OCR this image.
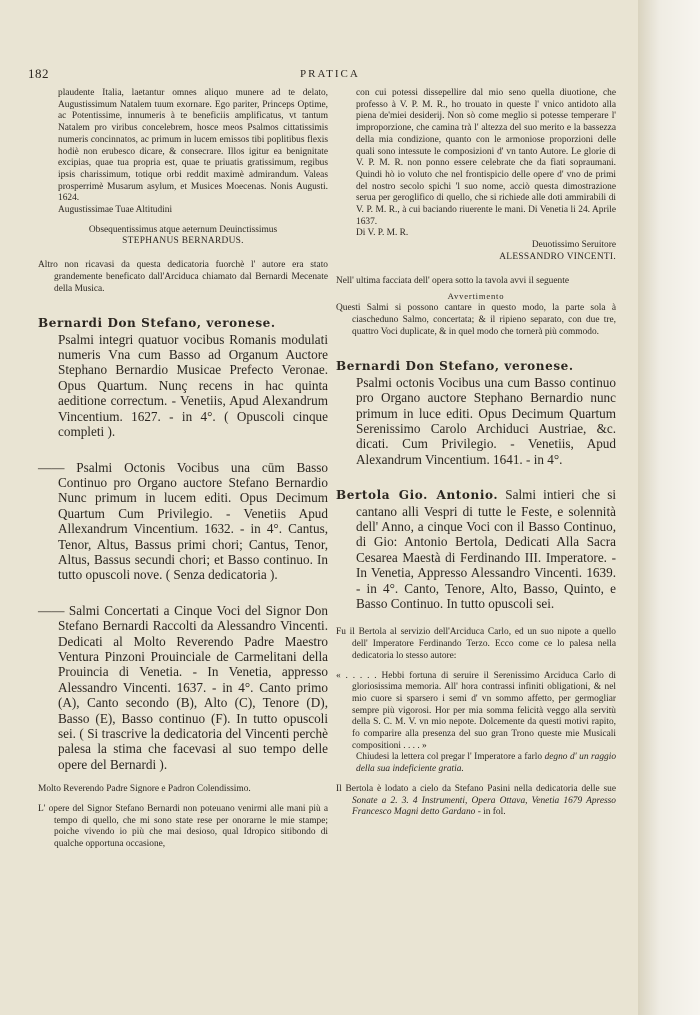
182	PRATICA

plaudente Italia, laetantur omnes aliquo munere ad te delato, Augustissimum Natalem tuum exornare. Ego pariter, Princeps Optime, ac Potentissime, innumeris à te beneficiis amplificatus, vt tantum Natalem pro viribus concelebrem, hosce meos Psalmos cittatissimis numeris concinnatos, ac primum in lucem emissos tibi poplitibus flexis hodiè non erubesco dicare, & consecrare. Illos igitur ea benignitate excipias, quae tua propria est, quae te priuatis gratissimum, regibus ipsis charissimum, totique orbi reddit maximè admirandum. Valeas prosperrimè Musarum asylum, et Musices Moecenas. Nonis Augusti. 1624.

Augustissimae Tuae Altitudini

Obsequentissimus atque aeternum Deuinctissimus

STEPHANUS BERNARDUS.

Altro non ricavasi da questa dedicatoria fuorchè l' autore era stato grandemente beneficato dall'Arciduca chiamato dal Bernardi Mecenate della Musica.

Bernardi Don Stefano, veronese.
Psalmi integri quatuor vocibus Romanis modulati numeris Vna cum Basso ad Organum Auctore Stephano Bernardio Musicae Prefecto Veronae. Opus Quartum. Nunç recens in hac quinta aeditione correctum. - Venetiis, Apud Alexandrum Vincentium. 1627. - in 4°. ( Opuscoli cinque completi ).

—— Psalmi Octonis Vocibus una cūm Basso Continuo pro Organo auctore Stefano Bernardio Nunc primum in lucem editi. Opus Decimum Quartum Cum Privilegio. - Venetiis Apud Allexandrum Vincentium. 1632. - in 4°. Cantus, Tenor, Altus, Bassus primi chori; Cantus, Tenor, Altus, Bassus secundi chori; et Basso continuo. In tutto opuscoli nove. ( Senza dedicatoria ).

—— Salmi Concertati a Cinque Voci del Signor Don Stefano Bernardi Raccolti da Alessandro Vincenti. Dedicati al Molto Reverendo Padre Maestro Ventura Pinzoni Prouinciale de Carmelitani della Prouincia di Venetia. - In Venetia, appresso Alessandro Vincenti. 1637. - in 4°. Canto primo (A), Canto secondo (B), Alto (C), Tenore (D), Basso (E), Basso continuo (F). In tutto opuscoli sei. ( Si trascrive la dedicatoria del Vincenti perchè palesa la stima che facevasi al suo tempo delle opere del Bernardi ).

Molto Reverendo Padre Signore e Padron Colendissimo.

L' opere del Signor Stefano Bernardi non poteuano venirmi alle mani più a tempo di quello, che mi sono state rese per onorarne le mie stampe; poiche vivendo io più che mai desioso, qual Idropico sitibondo di qualche opportuna occasione,

con cui potessi dissepellire dal mio seno quella diuotione, che professo à V. P. M. R., ho trouato in queste l' vnico antidoto alla piena de'miei desiderij. Non sò come meglio si potesse temperare l' improporzione, che camina trà l' altezza del suo merito e la bassezza della mia condizione, quanto con le armoniose proporzioni delle quali sono intessute le composizioni d' vn tanto Autore. Le glorie di V. P. M. R. non ponno essere celebrate che da fiati sopraumani. Quindi hò io voluto che nel frontispicio delle opere d' vno de primi del nostro secolo spichi 'l suo nome, acciò questa dimostrazione serua per geroglifico di quello, che si richiede alle doti ammirabili di V. P. M. R., à cui baciando riuerente le mani. Di Venetia li 24. Aprile 1637.

Di V. P. M. R.

Deuotissimo Seruitore

ALESSANDRO VINCENTI.

Nell' ultima facciata dell' opera sotto la tavola avvi il seguente

Avvertimento

Questi Salmi si possono cantare in questo modo, la parte sola à ciascheduno Salmo, concertata; & il ripieno separato, con due tre, quattro Voci duplicate, & in quel modo che tornerà più commodo.

Bernardi Don Stefano, veronese.
Psalmi octonis Vocibus una cum Basso continuo pro Organo auctore Stephano Bernardio nunc primum in luce editi. Opus Decimum Quartum Serenissimo Carolo Archiduci Austriae, &c. dicati. Cum Privilegio. - Venetiis, Apud Alexandrum Vincentium. 1641. - in 4°.

Bertola Gio. Antonio. Salmi intieri che si cantano alli Vespri di tutte le Feste, e solennità dell' Anno, a cinque Voci con il Basso Continuo, di Gio: Antonio Bertola, Dedicati Alla Sacra Cesarea Maestà di Ferdinando III. Imperatore. - In Venetia, Appresso Alessandro Vincenti. 1639. - in 4°. Canto, Tenore, Alto, Basso, Quinto, e Basso Continuo. In tutto opuscoli sei.

Fu il Bertola al servizio dell'Arciduca Carlo, ed un suo nipote a quello dell' Imperatore Ferdinando Terzo. Ecco come ce lo palesa nella dedicatoria lo stesso autore:

« . . . . . Hebbi fortuna di seruire il Serenissimo Arciduca Carlo di gloriosissima memoria. All' hora contrassi infiniti obligationi, & nel mio cuore si sparsero i semi d' vn sommo affetto, per germogliar sempre più vigorosi. Hor per mia somma felicità veggo alla servitù della S. C. M. V. vn mio nepote. Dolcemente da questi motivi rapito, fo comparire alla presenza del suo gran Trono queste mie Musicali compositioni . . . . »

Chiudesi la lettera col pregar l' Imperatore a farlo degno d' un raggio della sua indeficiente gratia.

Il Bertola è lodato a cielo da Stefano Pasini nella dedicatoria delle sue Sonate a 2. 3. 4 Instrumenti, Opera Ottava, Venetia 1679 Apresso Francesco Magni detto Gardano - in fol.
